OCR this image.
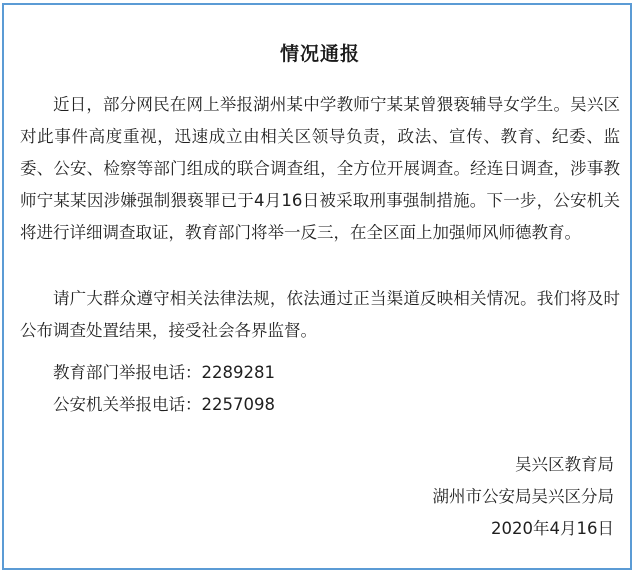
情况通报
近日，部分网民在网上举报湖州某中学教师宁某某曾猥亵辅导女学生。吴兴区对此事件高度重视，迅速成立由相关区领导负责，政法、宣传、教育、纪委、监委、公安、检察等部门组成的联合调查组，全方位开展调查。经连日调查，涉事教师宁某某因涉嫌强制猥亵罪已于4月16日被采取刑事强制措施。下一步，公安机关将进行详细调查取证，教育部门将举一反三，在全区面上加强师风师德教育。
请广大群众遵守相关法律法规，依法通过正当渠道反映相关情况。我们将及时公布调查处置结果，接受社会各界监督。
教育部门举报电话：2289281
公安机关举报电话：2257098
吴兴区教育局
湖州市公安局吴兴区分局
2020年4月16日
